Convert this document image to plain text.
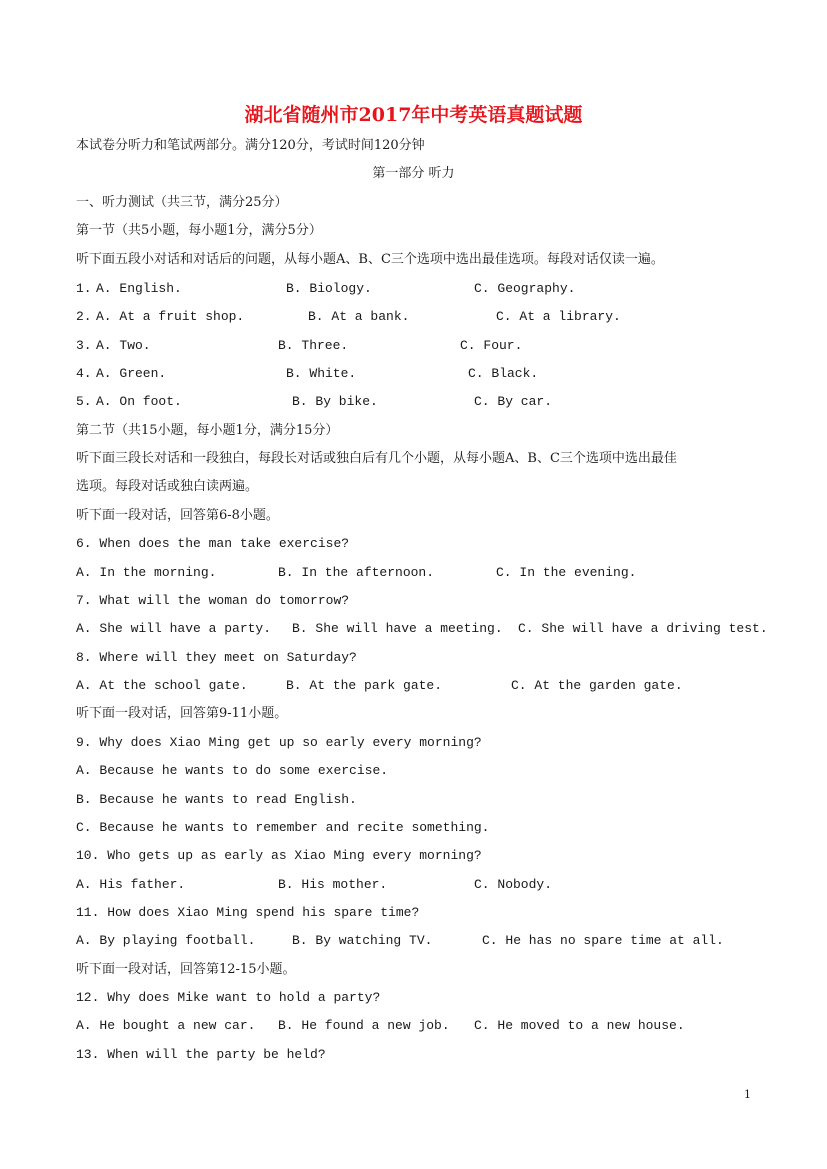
湖北省随州市2017年中考英语真题试题
本试卷分听力和笔试两部分。满分120分，考试时间120分钟
第一部分 听力
一、听力测试（共三节，满分25分）
第一节（共5小题，每小题1分，满分5分）
听下面五段小对话和对话后的问题，从每小题A、B、C三个选项中选出最佳选项。每段对话仅读一遍。
1. A. English.	B. Biology.	C. Geography.
2. A. At a fruit shop.	B. At a bank.	C. At a library.
3. A. Two.	B. Three.	C. Four.
4. A. Green.	B. White.	C. Black.
5. A. On foot.	B. By bike.	C. By car.
第二节（共15小题，每小题1分，满分15分）
听下面三段长对话和一段独白，每段长对话或独白后有几个小题，从每小题A、B、C三个选项中选出最佳
选项。每段对话或独白读两遍。
听下面一段对话，回答第6-8小题。
6. When does the man take exercise?
A. In the morning.	B. In the afternoon.	C. In the evening.
7. What will the woman do tomorrow?
A. She will have a party. B. She will have a meeting. C. She will have a driving test.
8. Where will they meet on Saturday?
A. At the school gate.	B. At the park gate.	C. At the garden gate.
听下面一段对话，回答第9-11小题。
9. Why does Xiao Ming get up so early every morning?
A. Because he wants to do some exercise.
B. Because he wants to read English.
C. Because he wants to remember and recite something.
10. Who gets up as early as Xiao Ming every morning?
A. His father.	B. His mother.	C. Nobody.
11. How does Xiao Ming spend his spare time?
A. By playing football.	B. By watching TV.	C. He has no spare time at all.
听下面一段对话，回答第12-15小题。
12. Why does Mike want to hold a party?
A. He bought a new car. B. He found a new job. C. He moved to a new house.
13. When will the party be held?
1
